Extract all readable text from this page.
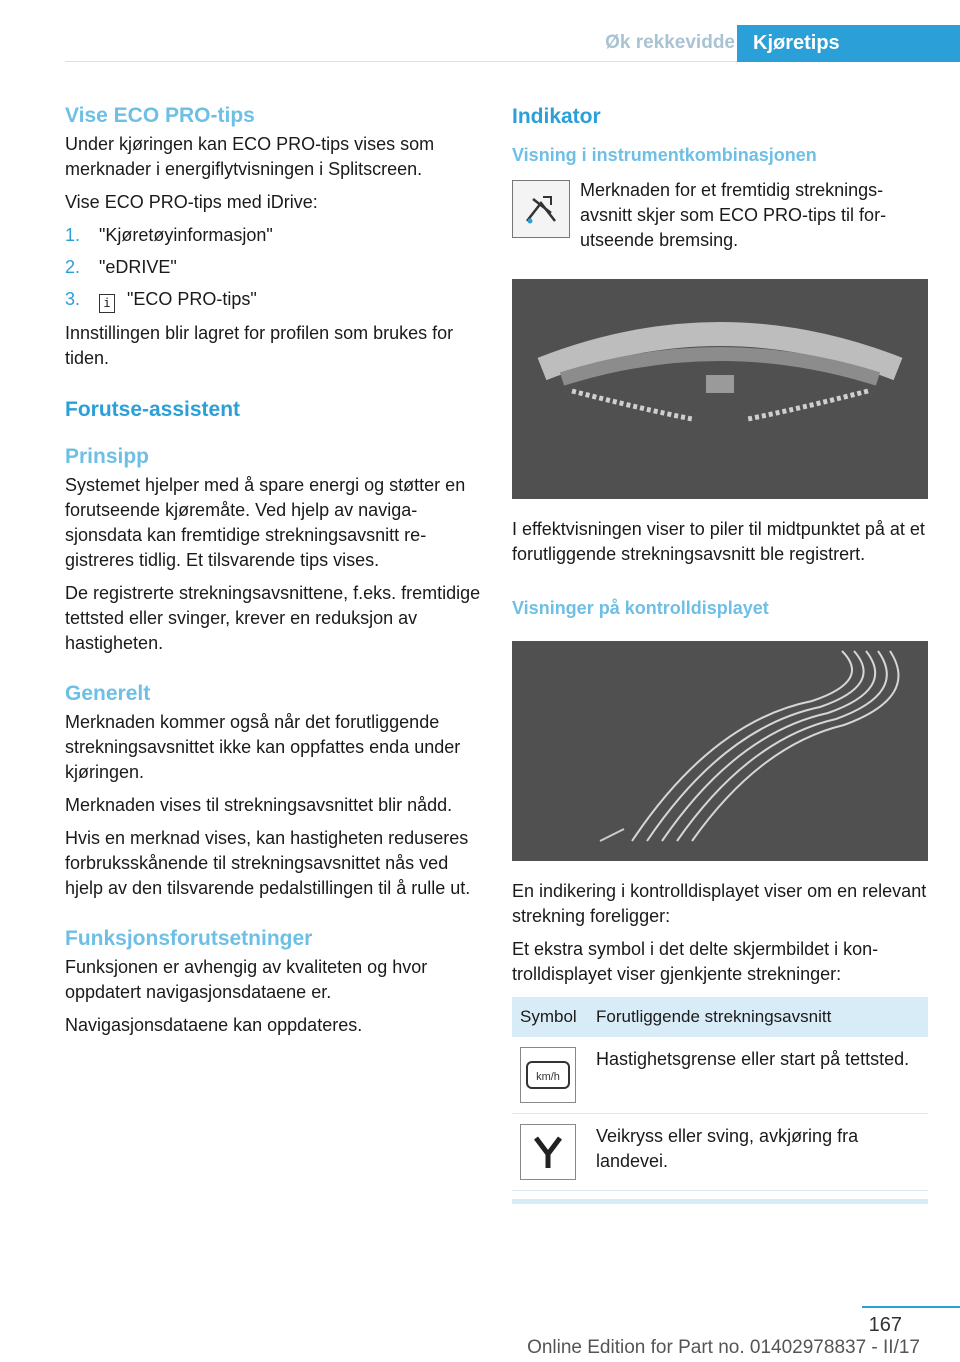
Øk rekkevidde Kjøretips
Vise ECO PRO-tips

Under kjøringen kan ECO PRO-tips vises som merknader i energiflytvisningen i Splitscreen.

Vise ECO PRO-tips med iDrive:

1.	"Kjøretøyinformasjon"
2.	"eDRIVE"
3.	i "ECO PRO-tips"

Innstillingen blir lagret for profilen som brukes for tiden.

Forutse-assistent
Prinsipp

Systemet hjelper med å spare energi og støtter en forutseende kjøremåte. Ved hjelp av navigasjonsdata kan fremtidige strekningsavsnitt registreres tidlig. Et tilsvarende tips vises.

De registrerte strekningsavsnittene, f.eks. fremtidige tettsted eller svinger, krever en reduksjon av hastigheten.

Generelt

Merknaden kommer også når det forutliggende strekningsavsnittet ikke kan oppfattes enda under kjøringen.

Merknaden vises til strekningsavsnittet blir nådd.

Hvis en merknad vises, kan hastigheten reduseres forbruksskånende til strekningsavsnittet nås ved hjelp av den tilsvarende pedalstillingen til å rulle ut.

Funksjonsforutsetninger

Funksjonen er avhengig av kvaliteten og hvor oppdatert navigasjonsdataene er.

Navigasjonsdataene kan oppdateres.

Indikator
Visning i instrumentkombinasjonen

Merknaden for et fremtidig strekningsavsnitt skjer som ECO PRO-tips til forutseende bremsing.

I effektvisningen viser to piler til midtpunktet på at et forutliggende strekningsavsnitt ble registrert.

Visninger på kontrolldisplayet

En indikering i kontrolldisplayet viser om en relevant strekning foreligger:

Et ekstra symbol i det delte skjermbildet i kontrolldisplayet viser gjenkjente strekninger:

Symbol	Forutliggende strekningsavsnitt

km/h	Hastighetsgrense eller start på tettsted.

	Veikryss eller sving, avkjøring fra landevei.
167
Online Edition for Part no. 01402978837 - II/17
